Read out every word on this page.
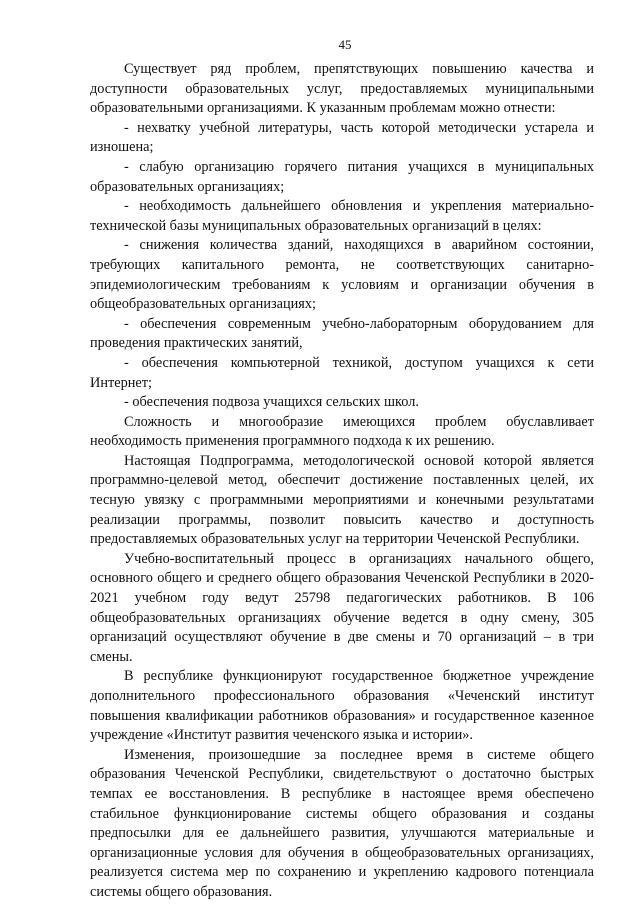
45

Существует ряд проблем, препятствующих повышению качества и доступности образовательных услуг, предоставляемых муниципальными образовательными организациями. К указанным проблемам можно отнести:

- нехватку учебной литературы, часть которой методически устарела и изношена;

- слабую организацию горячего питания учащихся в муниципальных образовательных организациях;

- необходимость дальнейшего обновления и укрепления материально-технической базы муниципальных образовательных организаций в целях:

- снижения количества зданий, находящихся в аварийном состоянии, требующих капитального ремонта, не соответствующих санитарно-эпидемиологическим требованиям к условиям и организации обучения в общеобразовательных организациях;

- обеспечения современным учебно-лабораторным оборудованием для проведения практических занятий,

- обеспечения компьютерной техникой, доступом учащихся к сети Интернет;

- обеспечения подвоза учащихся сельских школ.

Сложность и многообразие имеющихся проблем обуславливает необходимость применения программного подхода к их решению.

Настоящая Подпрограмма, методологической основой которой является программно-целевой метод, обеспечит достижение поставленных целей, их тесную увязку с программными мероприятиями и конечными результатами реализации программы, позволит повысить качество и доступность предоставляемых образовательных услуг на территории Чеченской Республики.

Учебно-воспитательный процесс в организациях начального общего, основного общего и среднего общего образования Чеченской Республики в 2020-2021 учебном году ведут 25798 педагогических работников. В 106 общеобразовательных организациях обучение ведется в одну смену, 305 организаций осуществляют обучение в две смены и 70 организаций – в три смены.

В республике функционируют государственное бюджетное учреждение дополнительного профессионального образования «Чеченский институт повышения квалификации работников образования» и государственное казенное учреждение «Институт развития чеченского языка и истории».

Изменения, произошедшие за последнее время в системе общего образования Чеченской Республики, свидетельствуют о достаточно быстрых темпах ее восстановления. В республике в настоящее время обеспечено стабильное функционирование системы общего образования и созданы предпосылки для ее дальнейшего развития, улучшаются материальные и организационные условия для обучения в общеобразовательных организациях, реализуется система мер по сохранению и укреплению кадрового потенциала системы общего образования.
